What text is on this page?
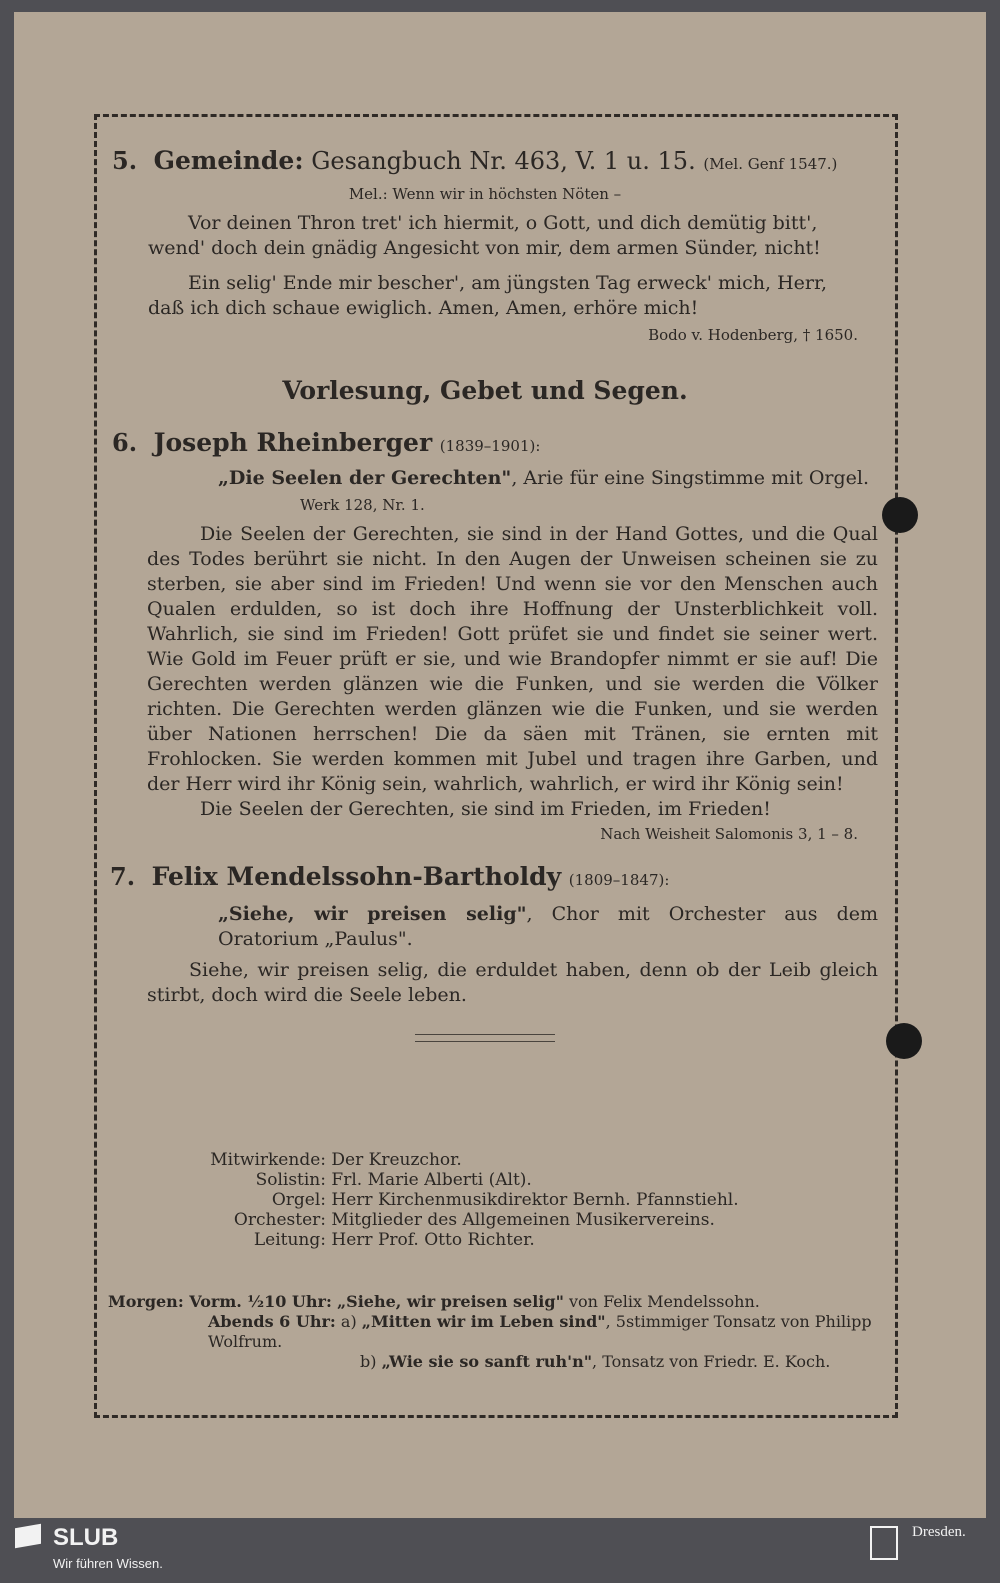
5. Gemeinde: Gesangbuch Nr. 463, V. 1 u. 15. (Mel. Genf 1547.)
Mel.: Wenn wir in höchsten Nöten –
Vor deinen Thron tret' ich hiermit, o Gott, und dich demütig bitt',
wend' doch dein gnädig Angesicht von mir, dem armen Sünder, nicht!
Ein selig' Ende mir bescher', am jüngsten Tag erweck' mich, Herr,
daß ich dich schaue ewiglich. Amen, Amen, erhöre mich!
Bodo v. Hodenberg, † 1650.
Vorlesung, Gebet und Segen.
6. Joseph Rheinberger (1839–1901):
„Die Seelen der Gerechten", Arie für eine Singstimme mit Orgel.
Werk 128, Nr. 1.
Die Seelen der Gerechten, sie sind in der Hand Gottes, und die Qual des Todes berührt sie nicht. In den Augen der Unweisen scheinen sie zu sterben, sie aber sind im Frieden! Und wenn sie vor den Menschen auch Qualen erdulden, so ist doch ihre Hoffnung der Unsterblichkeit voll. Wahrlich, sie sind im Frieden! Gott prüfet sie und findet sie seiner wert. Wie Gold im Feuer prüft er sie, und wie Brandopfer nimmt er sie auf! Die Gerechten werden glänzen wie die Funken, und sie werden die Völker richten. Die Gerechten werden glänzen wie die Funken, und sie werden über Nationen herrschen! Die da säen mit Tränen, sie ernten mit Frohlocken. Sie werden kommen mit Jubel und tragen ihre Garben, und der Herr wird ihr König sein, wahrlich, wahrlich, er wird ihr König sein!
Die Seelen der Gerechten, sie sind im Frieden, im Frieden!
Nach Weisheit Salomonis 3, 1 – 8.
7. Felix Mendelssohn-Bartholdy (1809–1847):
„Siehe, wir preisen selig", Chor mit Orchester aus dem Oratorium „Paulus".
Siehe, wir preisen selig, die erduldet haben, denn ob der Leib gleich stirbt, doch wird die Seele leben.
Mitwirkende: Der Kreuzchor.
Solistin: Frl. Marie Alberti (Alt).
Orgel: Herr Kirchenmusikdirektor Bernh. Pfannstiehl.
Orchester: Mitglieder des Allgemeinen Musikervereins.
Leitung: Herr Prof. Otto Richter.
Morgen: Vorm. ½10 Uhr: „Siehe, wir preisen selig" von Felix Mendelssohn.
Abends 6 Uhr: a) „Mitten wir im Leben sind", 5stimmiger Tonsatz von Philipp Wolfrum.
b) „Wie sie so sanft ruh'n", Tonsatz von Friedr. E. Koch.
SLUB
Wir führen Wissen.
Dresden.
